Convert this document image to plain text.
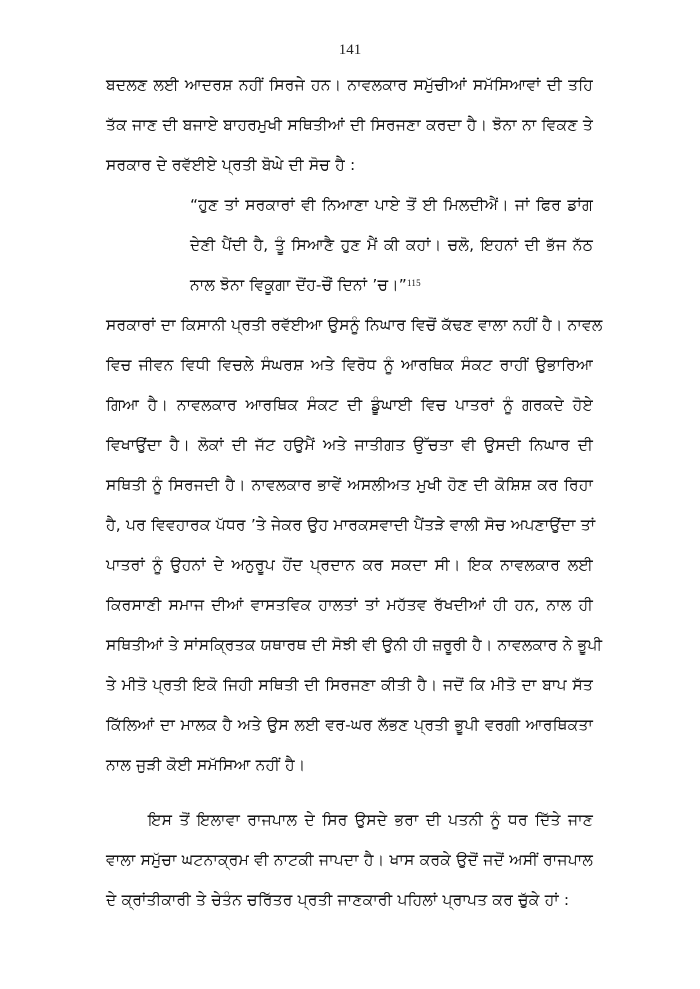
141
ਬਦਲਣ ਲਈ ਆਦਰਸ਼ ਨਹੀਂ ਸਿਰਜੇ ਹਨ। ਨਾਵਲਕਾਰ ਸਮੁੱਚੀਆਂ ਸਮੱਸਿਆਵਾਂ ਦੀ ਤਹਿ
ਤੱਕ ਜਾਣ ਦੀ ਬਜਾਏ ਬਾਹਰਮੁਖੀ ਸਥਿਤੀਆਂ ਦੀ ਸਿਰਜਣਾ ਕਰਦਾ ਹੈ। ਝੋਨਾ ਨਾ ਵਿਕਣ ਤੇ
ਸਰਕਾਰ ਦੇ ਰਵੱਈਏ ਪ੍ਰਤੀ ਬੋਘੇ ਦੀ ਸੋਚ ਹੈ :
“ਹੁਣ ਤਾਂ ਸਰਕਾਰਾਂ ਵੀ ਨਿਆਣਾ ਪਾਏ ਤੋਂ ਈ ਮਿਲਦੀਐਂ। ਜਾਂ ਫਿਰ ਡਾਂਗ
ਦੇਣੀ ਪੈਂਦੀ ਹੈ, ਤੂੰ ਸਿਆਣੈ ਹੁਣ ਮੈਂ ਕੀ ਕਹਾਂ। ਚਲੋ, ਇਹਨਾਂ ਦੀ ਭੱਜ ਨੱਠ
ਨਾਲ ਝੋਨਾ ਵਿਕੂਗਾ ਦੋਂਹ-ਚੌਂ ਦਿਨਾਂ ’ਚ।”$^{115}$
ਸਰਕਾਰਾਂ ਦਾ ਕਿਸਾਨੀ ਪ੍ਰਤੀ ਰਵੱਈਆ ਉਸਨੂੰ ਨਿਘਾਰ ਵਿਚੋਂ ਕੱਢਣ ਵਾਲਾ ਨਹੀਂ ਹੈ। ਨਾਵਲ
ਵਿਚ ਜੀਵਨ ਵਿਧੀ ਵਿਚਲੇ ਸੰਘਰਸ਼ ਅਤੇ ਵਿਰੋਧ ਨੂੰ ਆਰਥਿਕ ਸੰਕਟ ਰਾਹੀਂ ਉਭਾਰਿਆ
ਗਿਆ ਹੈ। ਨਾਵਲਕਾਰ ਆਰਥਿਕ ਸੰਕਟ ਦੀ ਡੂੰਘਾਈ ਵਿਚ ਪਾਤਰਾਂ ਨੂੰ ਗਰਕਦੇ ਹੋਏ
ਵਿਖਾਉਂਦਾ ਹੈ। ਲੋਕਾਂ ਦੀ ਜੱਟ ਹਉਮੈਂ ਅਤੇ ਜਾਤੀਗਤ ਉੱਚਤਾ ਵੀ ਉਸਦੀ ਨਿਘਾਰ ਦੀ
ਸਥਿਤੀ ਨੂੰ ਸਿਰਜਦੀ ਹੈ। ਨਾਵਲਕਾਰ ਭਾਵੇਂ ਅਸਲੀਅਤ ਮੁਖੀ ਹੋਣ ਦੀ ਕੋਸ਼ਿਸ਼ ਕਰ ਰਿਹਾ
ਹੈ, ਪਰ ਵਿਵਹਾਰਕ ਪੱਧਰ ’ਤੇ ਜੇਕਰ ਉਹ ਮਾਰਕਸਵਾਦੀ ਪੈਂਤੜੇ ਵਾਲੀ ਸੋਚ ਅਪਣਾਉਂਦਾ ਤਾਂ
ਪਾਤਰਾਂ ਨੂੰ ਉਹਨਾਂ ਦੇ ਅਨੁਰੂਪ ਹੋਂਦ ਪ੍ਰਦਾਨ ਕਰ ਸਕਦਾ ਸੀ। ਇਕ ਨਾਵਲਕਾਰ ਲਈ
ਕਿਰਸਾਣੀ ਸਮਾਜ ਦੀਆਂ ਵਾਸਤਵਿਕ ਹਾਲਤਾਂ ਤਾਂ ਮਹੱਤਵ ਰੱਖਦੀਆਂ ਹੀ ਹਨ, ਨਾਲ ਹੀ
ਸਥਿਤੀਆਂ ਤੇ ਸਾਂਸਕ੍ਰਿਤਕ ਯਥਾਰਥ ਦੀ ਸੋਝੀ ਵੀ ਉਨੀ ਹੀ ਜ਼ਰੂਰੀ ਹੈ। ਨਾਵਲਕਾਰ ਨੇ ਭੂਪੀ
ਤੇ ਮੀਤੋ ਪ੍ਰਤੀ ਇਕੋ ਜਿਹੀ ਸਥਿਤੀ ਦੀ ਸਿਰਜਣਾ ਕੀਤੀ ਹੈ। ਜਦੋਂ ਕਿ ਮੀਤੋ ਦਾ ਬਾਪ ਸੱਤ
ਕਿੱਲਿਆਂ ਦਾ ਮਾਲਕ ਹੈ ਅਤੇ ਉਸ ਲਈ ਵਰ-ਘਰ ਲੱਭਣ ਪ੍ਰਤੀ ਭੂਪੀ ਵਰਗੀ ਆਰਥਿਕਤਾ
ਨਾਲ ਜੁੜੀ ਕੋਈ ਸਮੱਸਿਆ ਨਹੀਂ ਹੈ।
ਇਸ ਤੋਂ ਇਲਾਵਾ ਰਾਜਪਾਲ ਦੇ ਸਿਰ ਉਸਦੇ ਭਰਾ ਦੀ ਪਤਨੀ ਨੂੰ ਧਰ ਦਿੱਤੇ ਜਾਣ
ਵਾਲਾ ਸਮੁੱਚਾ ਘਟਨਾਕ੍ਰਮ ਵੀ ਨਾਟਕੀ ਜਾਪਦਾ ਹੈ। ਖਾਸ ਕਰਕੇ ਉਦੋਂ ਜਦੋਂ ਅਸੀਂ ਰਾਜਪਾਲ
ਦੇ ਕ੍ਰਾਂਤੀਕਾਰੀ ਤੇ ਚੇਤੰਨ ਚਰਿੱਤਰ ਪ੍ਰਤੀ ਜਾਣਕਾਰੀ ਪਹਿਲਾਂ ਪ੍ਰਾਪਤ ਕਰ ਚੁੱਕੇ ਹਾਂ :
